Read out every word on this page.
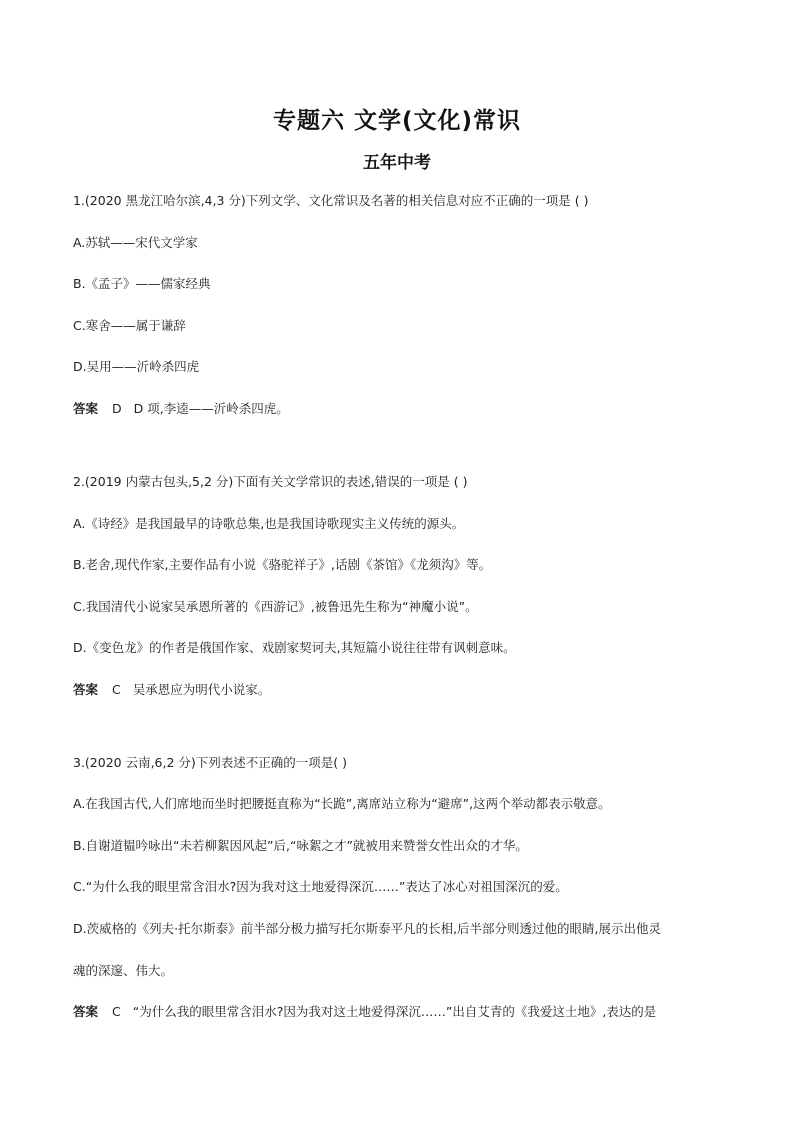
专题六 文学(文化)常识
五年中考
1.(2020 黑龙江哈尔滨,4,3 分)下列文学、文化常识及名著的相关信息对应不正确的一项是 ( )
A.苏轼——宋代文学家
B.《孟子》——儒家经典
C.寒舍——属于谦辞
D.吴用——沂岭杀四虎
答案 D D 项,李逵——沂岭杀四虎。
2.(2019 内蒙古包头,5,2 分)下面有关文学常识的表述,错误的一项是 ( )
A.《诗经》是我国最早的诗歌总集,也是我国诗歌现实主义传统的源头。
B.老舍,现代作家,主要作品有小说《骆驼祥子》,话剧《茶馆》《龙须沟》等。
C.我国清代小说家吴承恩所著的《西游记》,被鲁迅先生称为“神魔小说”。
D.《变色龙》的作者是俄国作家、戏剧家契诃夫,其短篇小说往往带有讽刺意味。
答案 C 吴承恩应为明代小说家。
3.(2020 云南,6,2 分)下列表述不正确的一项是( )
A.在我国古代,人们席地而坐时把腰挺直称为“长跪”,离席站立称为“避席”,这两个举动都表示敬意。
B.自谢道韫吟咏出“未若柳絮因风起”后,“咏絮之才”就被用来赞誉女性出众的才华。
C.“为什么我的眼里常含泪水?因为我对这土地爱得深沉……”表达了冰心对祖国深沉的爱。
D.茨威格的《列夫·托尔斯泰》前半部分极力描写托尔斯泰平凡的长相,后半部分则透过他的眼睛,展示出他灵
魂的深邃、伟大。
答案 C “为什么我的眼里常含泪水?因为我对这土地爱得深沉……”出自艾青的《我爱这土地》,表达的是
